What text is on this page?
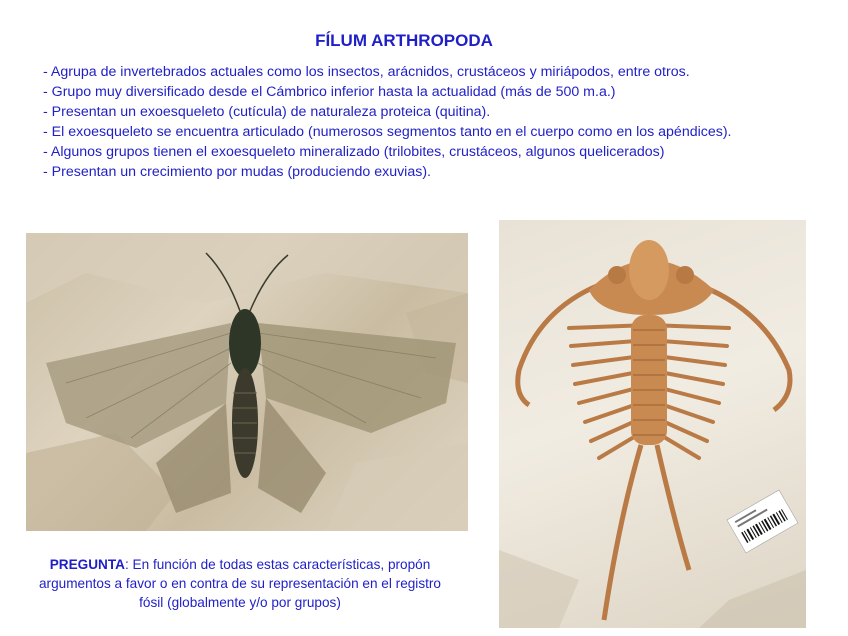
FÍLUM ARTHROPODA
- Agrupa de invertebrados actuales como los insectos, arácnidos, crustáceos y miriápodos, entre otros.
- Grupo muy diversificado desde el Cámbrico inferior hasta la actualidad (más de 500 m.a.)
- Presentan un exoesqueleto (cutícula) de naturaleza proteica (quitina).
- El exoesqueleto se encuentra articulado (numerosos segmentos tanto en el cuerpo como en los apéndices).
- Algunos grupos tienen el exoesqueleto mineralizado (trilobites, crustáceos, algunos quelicerados)
- Presentan un crecimiento por mudas (produciendo exuvias).
PREGUNTA: En función de todas estas características, propón argumentos a favor o en contra de su representación en el registro fósil (globalmente y/o por grupos)
